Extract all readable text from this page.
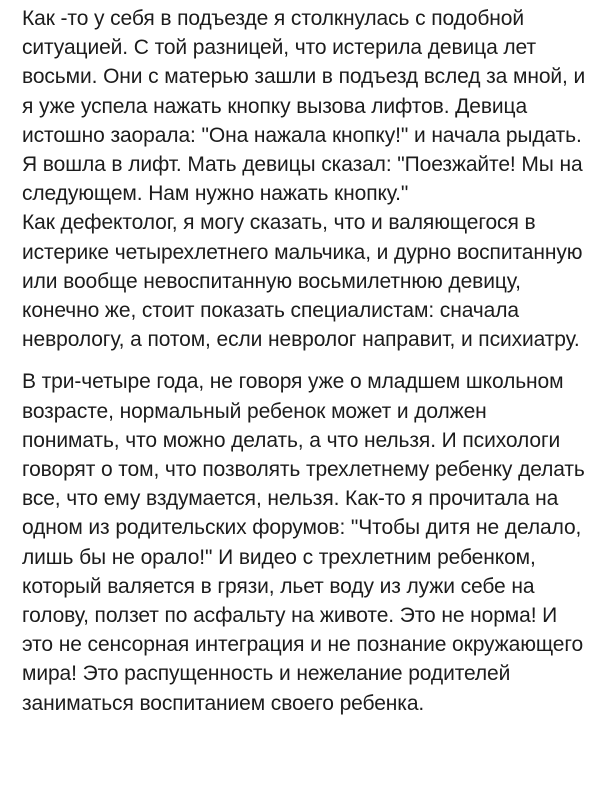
Как -то у себя в подъезде я столкнулась с подобной ситуацией. С той разницей, что истерила девица лет восьми. Они с матерью зашли в подъезд вслед за мной, и я уже успела нажать кнопку вызова лифтов. Девица истошно заорала: "Она нажала кнопку!" и начала рыдать. Я вошла в лифт. Мать девицы сказал: "Поезжайте! Мы на следующем. Нам нужно нажать кнопку."

Как дефектолог, я могу сказать, что и валяющегося в истерике четырехлетнего мальчика, и дурно воспитанную или вообще невоспитанную восьмилетнюю девицу, конечно же, стоит показать специалистам: сначала неврологу, а потом, если невролог направит, и психиатру.

В три-четыре года, не говоря уже о младшем школьном возрасте, нормальный ребенок может и должен понимать, что можно делать, а что нельзя. И психологи говорят о том, что позволять трехлетнему ребенку делать все, что ему вздумается, нельзя. Как-то я прочитала на одном из родительских форумов: "Чтобы дитя не делало, лишь бы не орало!" И видео с трехлетним ребенком, который валяется в грязи, льет воду из лужи себе на голову, ползет по асфальту на животе. Это не норма! И это не сенсорная интеграция и не познание окружающего мира! Это распущенность и нежелание родителей заниматься воспитанием своего ребенка.
